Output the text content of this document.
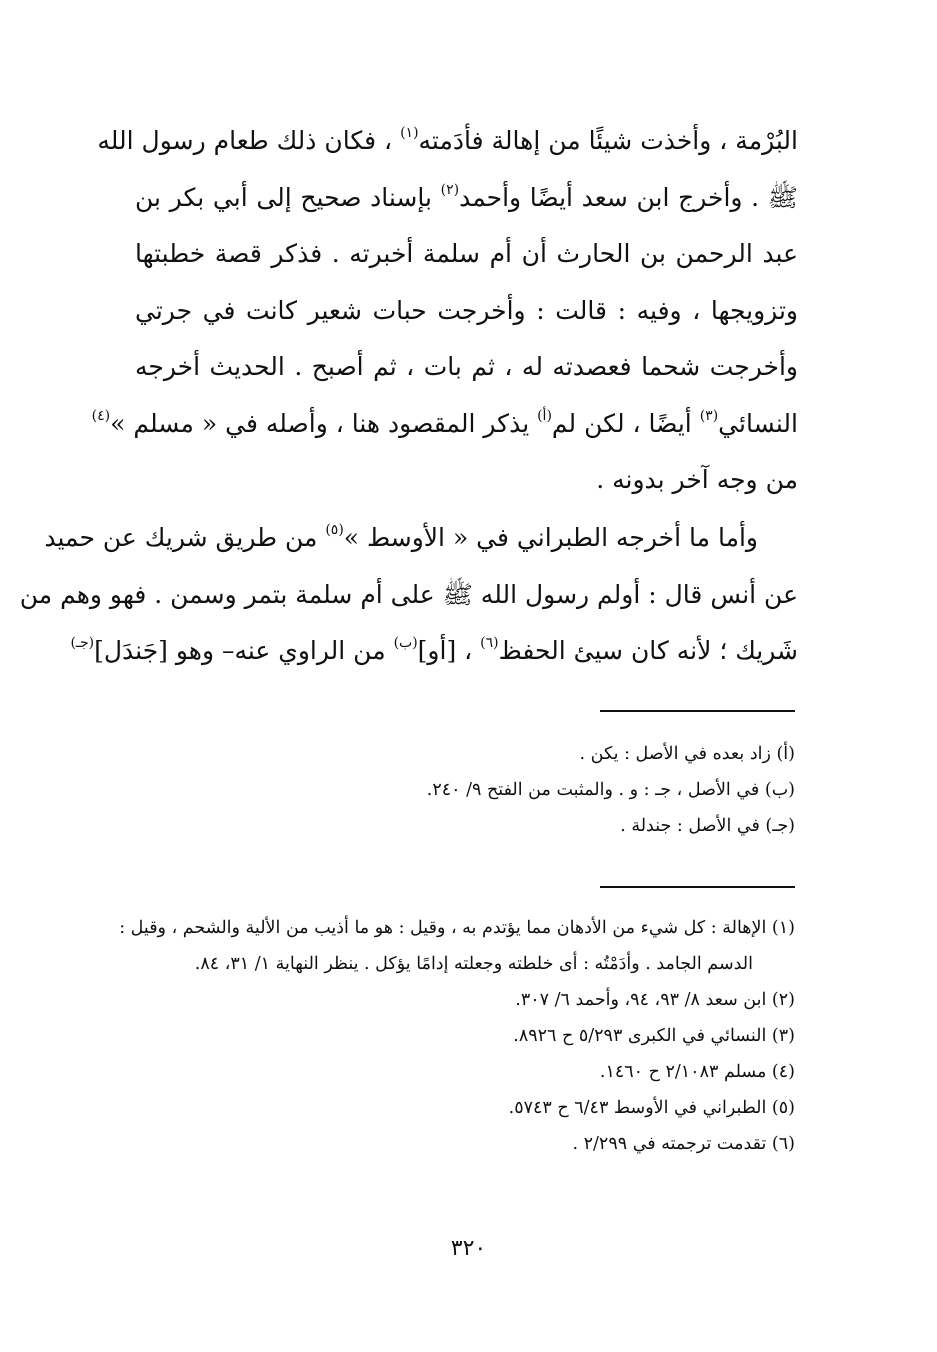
البُرْمة ، وأخذت شيئًا من إهالة فأدَمته$^{(١)}$ ، فكان ذلك طعام رسول الله
ﷺ . وأخرج ابن سعد أيضًا وأحمد$^{(٢)}$ بإسناد صحيح إلى أبي بكر بن
عبد الرحمن بن الحارث أن أم سلمة أخبرته . فذكر قصة خطبتها
وتزويجها ، وفيه : قالت : وأخرجت حبات شعير كانت في جرتي
وأخرجت شحما فعصدته له ، ثم بات ، ثم أصبح . الحديث أخرجه
النسائي$^{(٣)}$ أيضًا ، لكن لم$^{(أ)}$ يذكر المقصود هنا ، وأصله في « مسلم »$^{(٤)}$
من وجه آخر بدونه .
وأما ما أخرجه الطبراني في « الأوسط »$^{(٥)}$ من طريق شريك عن حميد
عن أنس قال : أولم رسول الله ﷺ على أم سلمة بتمر وسمن . فهو وهم من
شَريك ؛ لأنه كان سيئ الحفظ$^{(٦)}$ ، [أو]$^{(ب)}$ من الراوي عنه– وهو [جَندَل]$^{(جـ)}$
(أ) زاد بعده في الأصل : يكن .
(ب) في الأصل ، جـ : و . والمثبت من الفتح ٩/ ٢٤٠.
(جـ) في الأصل : جندلة .
(١) الإهالة : كل شيء من الأدهان مما يؤتدم به ، وقيل : هو ما أذيب من الألية والشحم ، وقيل :
الدسم الجامد . وأدَمْتُه : أى خلطته وجعلته إدامًا يؤكل . ينظر النهاية ١/ ٣١، ٨٤.
(٢) ابن سعد ٨/ ٩٣، ٩٤، وأحمد ٦/ ٣٠٧.
(٣) النسائي في الكبرى ٥/٢٩٣ ح ٨٩٢٦.
(٤) مسلم ٢/١٠٨٣ ح ١٤٦٠.
(٥) الطبراني في الأوسط ٦/٤٣ ح ٥٧٤٣.
(٦) تقدمت ترجمته في ٢/٢٩٩ .
٣٢٠
